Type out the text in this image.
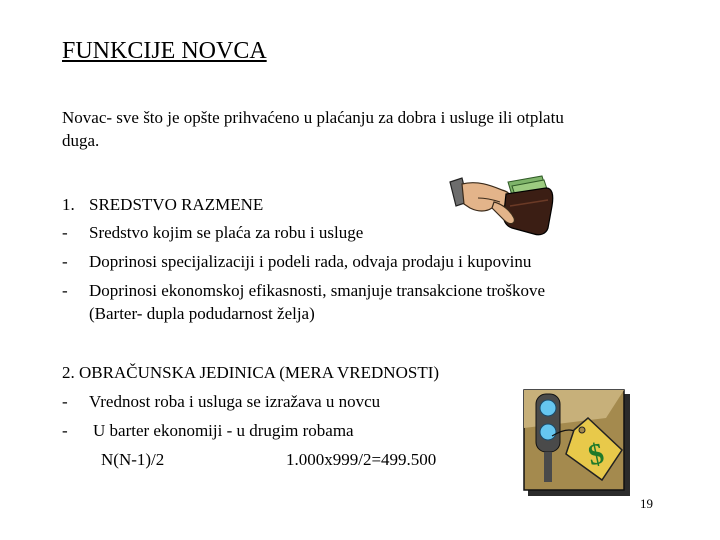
FUNKCIJE NOVCA
Novac- sve što je opšte prihvaćeno u plaćanju za dobra i usluge ili otplatu
duga.
1. SREDSTVO RAZMENE
- Sredstvo kojim se plaća za robu i usluge
- Doprinosi specijalizaciji i podeli rada, odvaja prodaju i kupovinu
- Doprinosi ekonomskoj efikasnosti, smanjuje transakcione troškove
(Barter- dupla podudarnost želja)
2. OBRAČUNSKA JEDINICA (MERA VREDNOSTI)
- Vrednost roba i usluga se izražava u novcu
- U barter ekonomiji - u drugim robama
N(N-1)/2	1.000x999/2=499.500
19
$
